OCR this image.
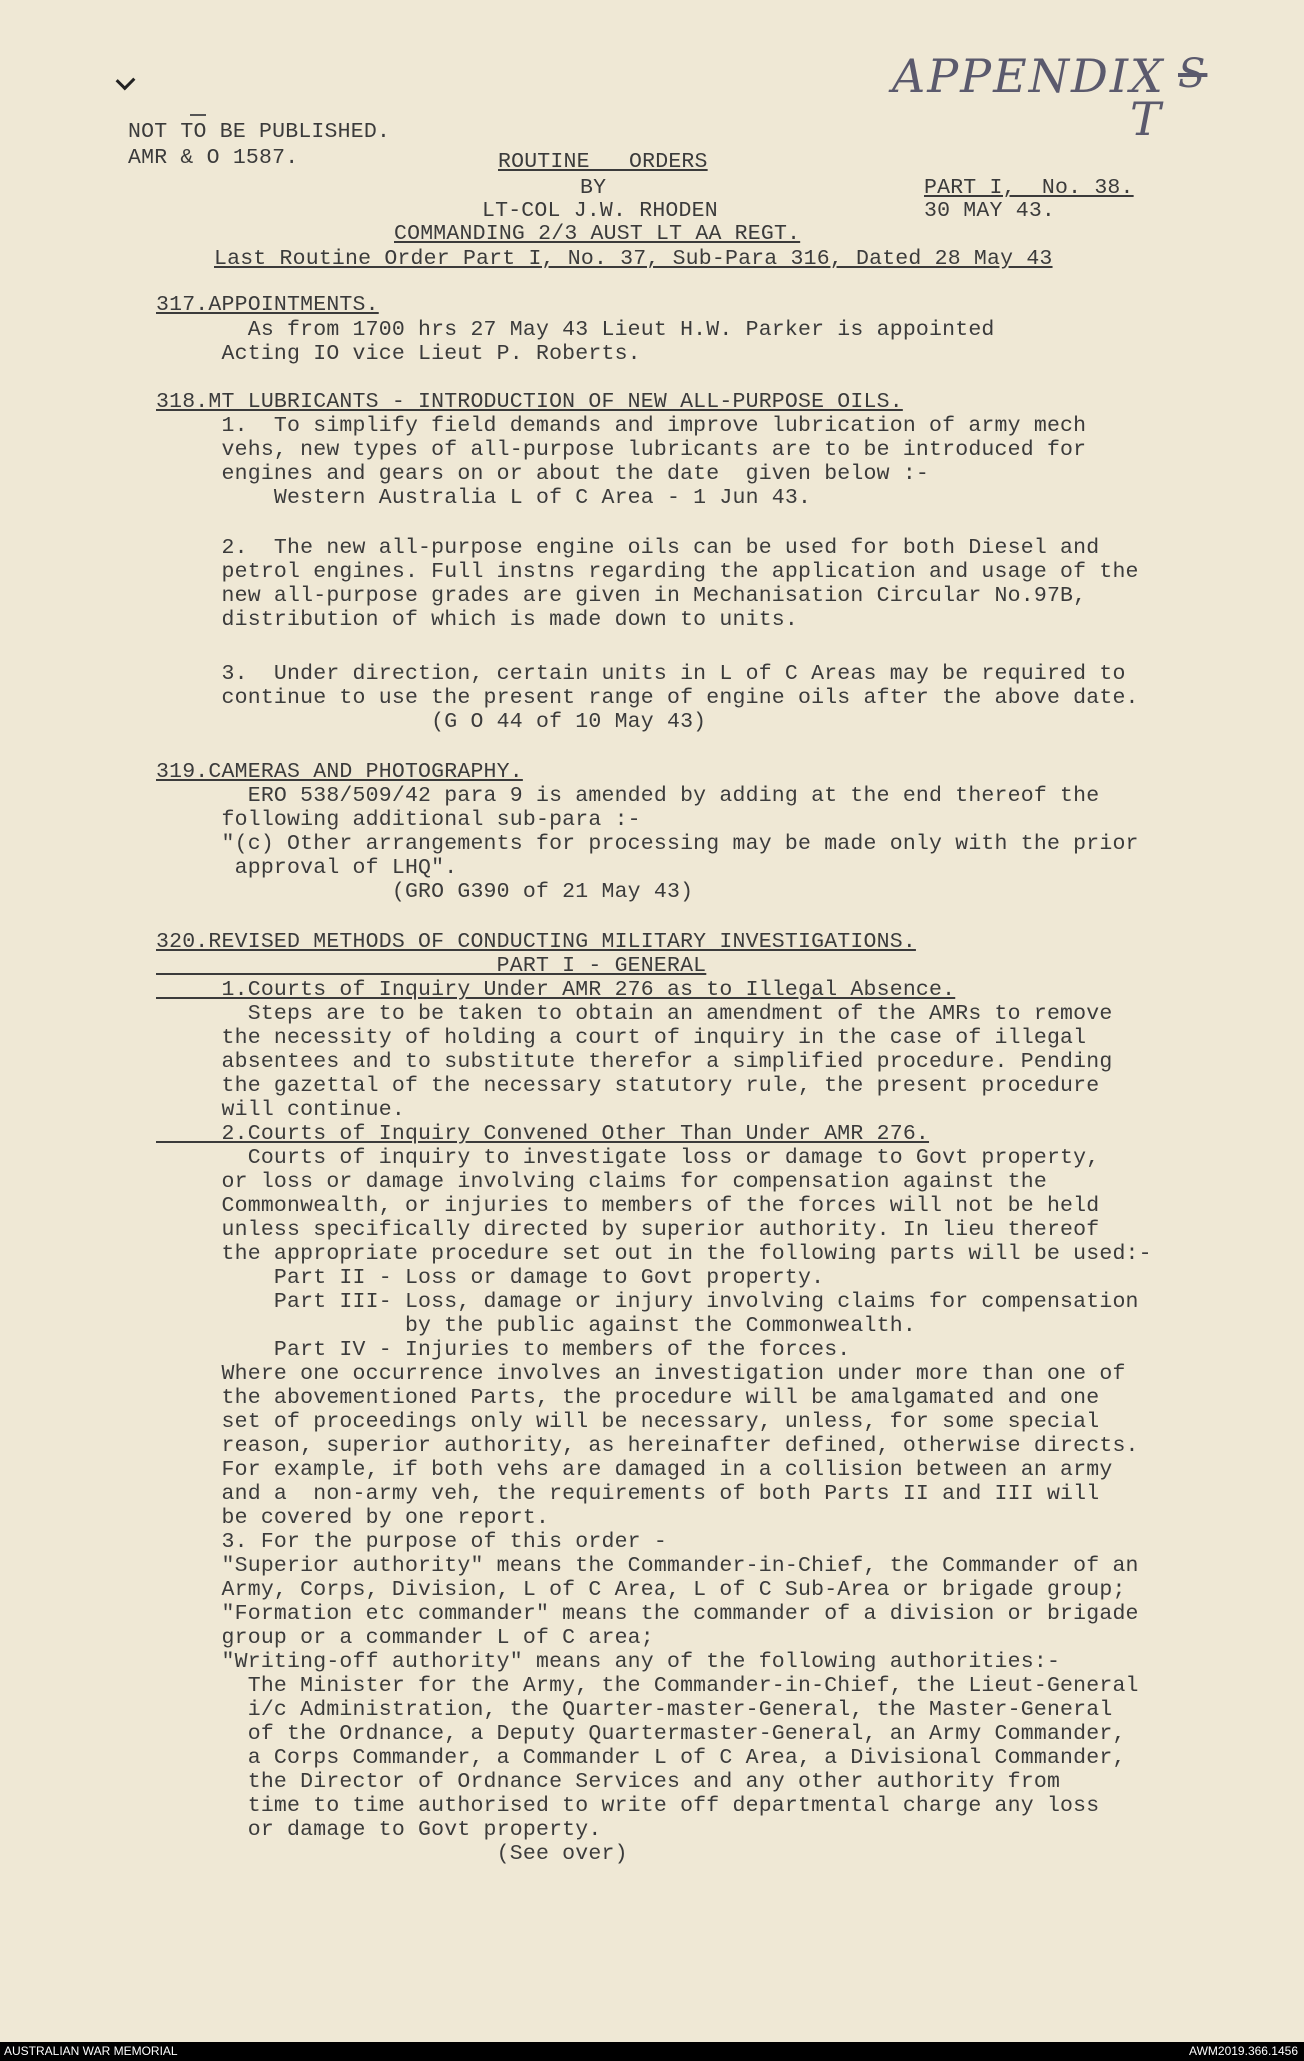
APPENDIX S
T
NOT TO BE PUBLISHED.
AMR & O 1587.	ROUTINE   ORDERS
BY
LT-COL J.W. RHODEN
COMMANDING 2/3 AUST LT AA REGT.
PART I,  No. 38.
30 MAY 43.
Last Routine Order Part I, No. 37, Sub-Para 316, Dated 28 May 43
317.APPOINTMENTS.
As from 1700 hrs 27 May 43 Lieut H.W. Parker is appointed
Acting IO vice Lieut P. Roberts.
318.MT LUBRICANTS - INTRODUCTION OF NEW ALL-PURPOSE OILS.
1.  To simplify field demands and improve lubrication of army mech
vehs, new types of all-purpose lubricants are to be introduced for
engines and gears on or about the date  given below :-
Western Australia L of C Area - 1 Jun 43.
2.  The new all-purpose engine oils can be used for both Diesel and
petrol engines. Full instns regarding the application and usage of the
new all-purpose grades are given in Mechanisation Circular No.97B,
distribution of which is made down to units.
3.  Under direction, certain units in L of C Areas may be required to
continue to use the present range of engine oils after the above date.
(G O 44 of 10 May 43)
319.CAMERAS AND PHOTOGRAPHY.
ERO 538/509/42 para 9 is amended by adding at the end thereof the
following additional sub-para :-
"(c) Other arrangements for processing may be made only with the prior
approval of LHQ".
(GRO G390 of 21 May 43)
320.REVISED METHODS OF CONDUCTING MILITARY INVESTIGATIONS.
PART I - GENERAL
1.Courts of Inquiry Under AMR 276 as to Illegal Absence.
Steps are to be taken to obtain an amendment of the AMRs to remove
the necessity of holding a court of inquiry in the case of illegal
absentees and to substitute therefor a simplified procedure. Pending
the gazettal of the necessary statutory rule, the present procedure
will continue.
2.Courts of Inquiry Convened Other Than Under AMR 276.
Courts of inquiry to investigate loss or damage to Govt property,
or loss or damage involving claims for compensation against the
Commonwealth, or injuries to members of the forces will not be held
unless specifically directed by superior authority. In lieu thereof
the appropriate procedure set out in the following parts will be used:-
Part II - Loss or damage to Govt property.
Part III- Loss, damage or injury involving claims for compensation
by the public against the Commonwealth.
Part IV - Injuries to members of the forces.
Where one occurrence involves an investigation under more than one of
the abovementioned Parts, the procedure will be amalgamated and one
set of proceedings only will be necessary, unless, for some special
reason, superior authority, as hereinafter defined, otherwise directs.
For example, if both vehs are damaged in a collision between an army
and a  non-army veh, the requirements of both Parts II and III will
be covered by one report.
3. For the purpose of this order -
"Superior authority" means the Commander-in-Chief, the Commander of an
Army, Corps, Division, L of C Area, L of C Sub-Area or brigade group;
"Formation etc commander" means the commander of a division or brigade
group or a commander L of C area;
"Writing-off authority" means any of the following authorities:-
The Minister for the Army, the Commander-in-Chief, the Lieut-General
i/c Administration, the Quarter-master-General, the Master-General
of the Ordnance, a Deputy Quartermaster-General, an Army Commander,
a Corps Commander, a Commander L of C Area, a Divisional Commander,
the Director of Ordnance Services and any other authority from
time to time authorised to write off departmental charge any loss
or damage to Govt property.
(See over)
AUSTRALIAN WAR MEMORIAL	AWM2019.366.1456
